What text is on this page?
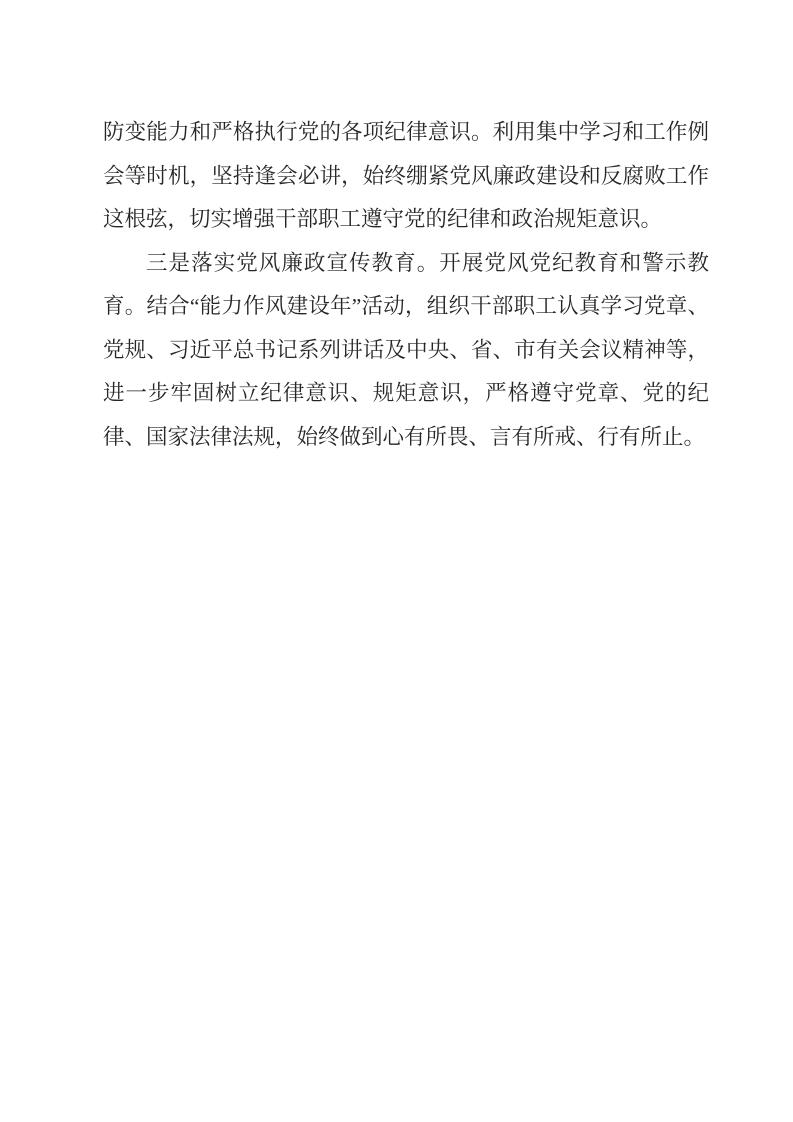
防变能力和严格执行党的各项纪律意识。利用集中学习和工作例会等时机，坚持逢会必讲，始终绷紧党风廉政建设和反腐败工作这根弦，切实增强干部职工遵守党的纪律和政治规矩意识。

三是落实党风廉政宣传教育。开展党风党纪教育和警示教育。结合“能力作风建设年”活动，组织干部职工认真学习党章、党规、习近平总书记系列讲话及中央、省、市有关会议精神等，进一步牢固树立纪律意识、规矩意识，严格遵守党章、党的纪律、国家法律法规，始终做到心有所畏、言有所戒、行有所止。
